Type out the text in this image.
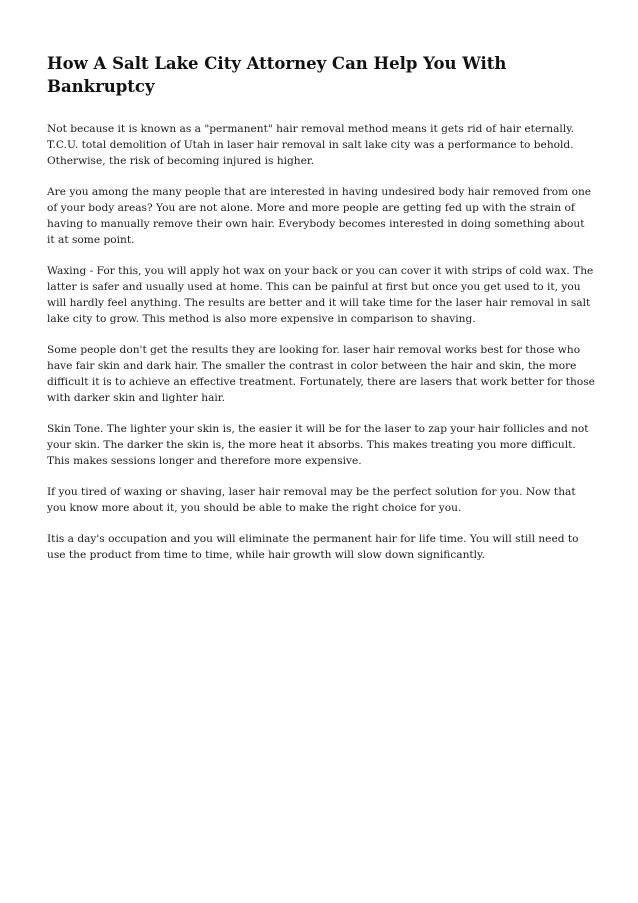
How A Salt Lake City Attorney Can Help You With Bankruptcy

Not because it is known as a "permanent" hair removal method means it gets rid of hair eternally. T.C.U. total demolition of Utah in laser hair removal in salt lake city was a performance to behold. Otherwise, the risk of becoming injured is higher.

Are you among the many people that are interested in having undesired body hair removed from one of your body areas? You are not alone. More and more people are getting fed up with the strain of having to manually remove their own hair. Everybody becomes interested in doing something about it at some point.

Waxing - For this, you will apply hot wax on your back or you can cover it with strips of cold wax. The latter is safer and usually used at home. This can be painful at first but once you get used to it, you will hardly feel anything. The results are better and it will take time for the laser hair removal in salt lake city to grow. This method is also more expensive in comparison to shaving.

Some people don't get the results they are looking for. laser hair removal works best for those who have fair skin and dark hair. The smaller the contrast in color between the hair and skin, the more difficult it is to achieve an effective treatment. Fortunately, there are lasers that work better for those with darker skin and lighter hair.

Skin Tone. The lighter your skin is, the easier it will be for the laser to zap your hair follicles and not your skin. The darker the skin is, the more heat it absorbs. This makes treating you more difficult. This makes sessions longer and therefore more expensive.

If you tired of waxing or shaving, laser hair removal may be the perfect solution for you. Now that you know more about it, you should be able to make the right choice for you.

Itis a day's occupation and you will eliminate the permanent hair for life time. You will still need to use the product from time to time, while hair growth will slow down significantly.
